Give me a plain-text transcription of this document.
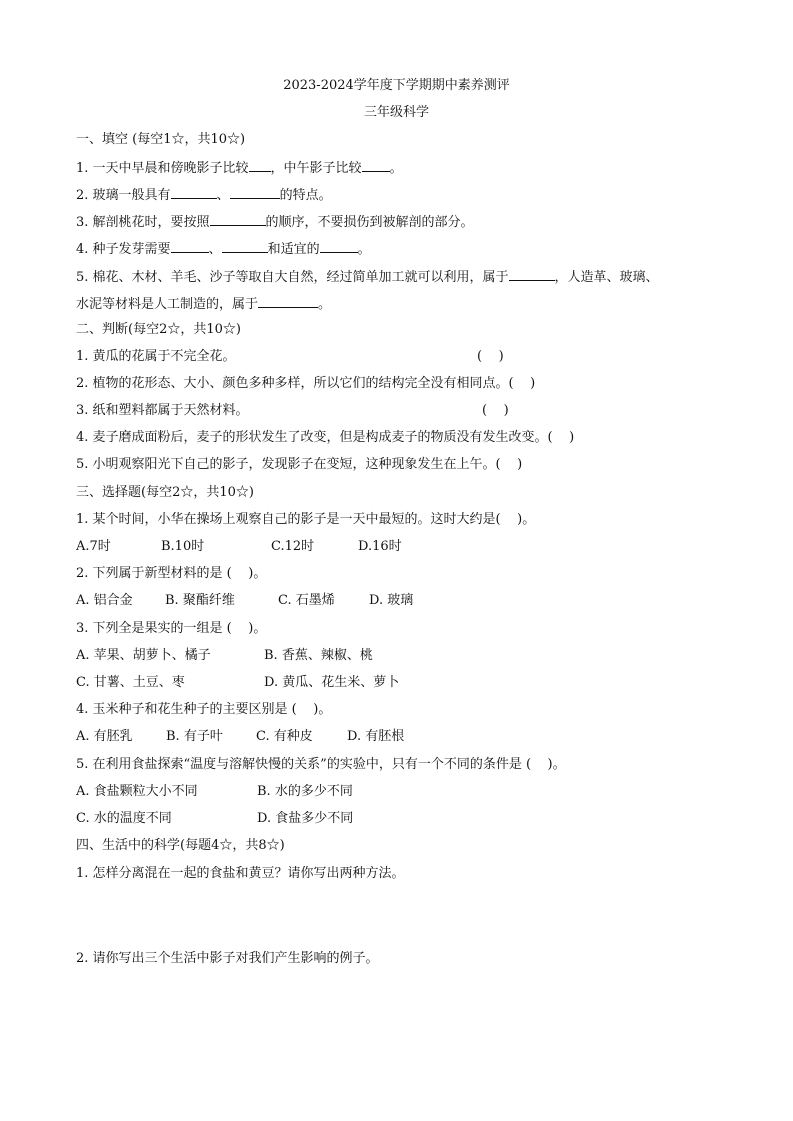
2023-2024学年度下学期期中素养测评
三年级科学
一、填空 (每空1☆，共10☆)
1. 一天中早晨和傍晚影子比较 ，中午影子比较 。
2. 玻璃一般具有	、	的特点。
3. 解剖桃花时，要按照	的顺序，不要损伤到被解剖的部分。
4. 种子发芽需要	、	和适宜的	。
5. 棉花、木材、羊毛、沙子等取自大自然，经过简单加工就可以利用，属于	，人造革、玻璃、
水泥等材料是人工制造的，属于	。
二、判断(每空2☆，共10☆)
1. 黄瓜的花属于不完全花。	(    )
2. 植物的花形态、大小、颜色多种多样，所以它们的结构完全没有相同点。(    )
3. 纸和塑料都属于天然材料。	(    )
4. 麦子磨成面粉后，麦子的形状发生了改变，但是构成麦子的物质没有发生改变。(    )
5. 小明观察阳光下自己的影子，发现影子在变短，这种现象发生在上午。(    )
三、选择题(每空2☆，共10☆)
1. 某个时间，小华在操场上观察自己的影子是一天中最短的。这时大约是(    )。
A.7时	B.10时	C.12时	D.16时
2. 下列属于新型材料的是 (    )。
A. 铝合金 B. 聚酯纤维	C. 石墨烯	D. 玻璃
3. 下列全是果实的一组是 (    )。
A. 苹果、胡萝卜、橘子	B. 香蕉、辣椒、桃
C. 甘薯、土豆、枣	D. 黄瓜、花生米、萝卜
4. 玉米种子和花生种子的主要区别是 (    )。
A. 有胚乳	B. 有子叶	C. 有种皮	D. 有胚根
5. 在利用食盐探索“温度与溶解快慢的关系”的实验中，只有一个不同的条件是 (    )。
A. 食盐颗粒大小不同	B. 水的多少不同
C. 水的温度不同	D. 食盐多少不同
四、生活中的科学(每题4☆，共8☆)
1. 怎样分离混在一起的食盐和黄豆？请你写出两种方法。
2. 请你写出三个生活中影子对我们产生影响的例子。
